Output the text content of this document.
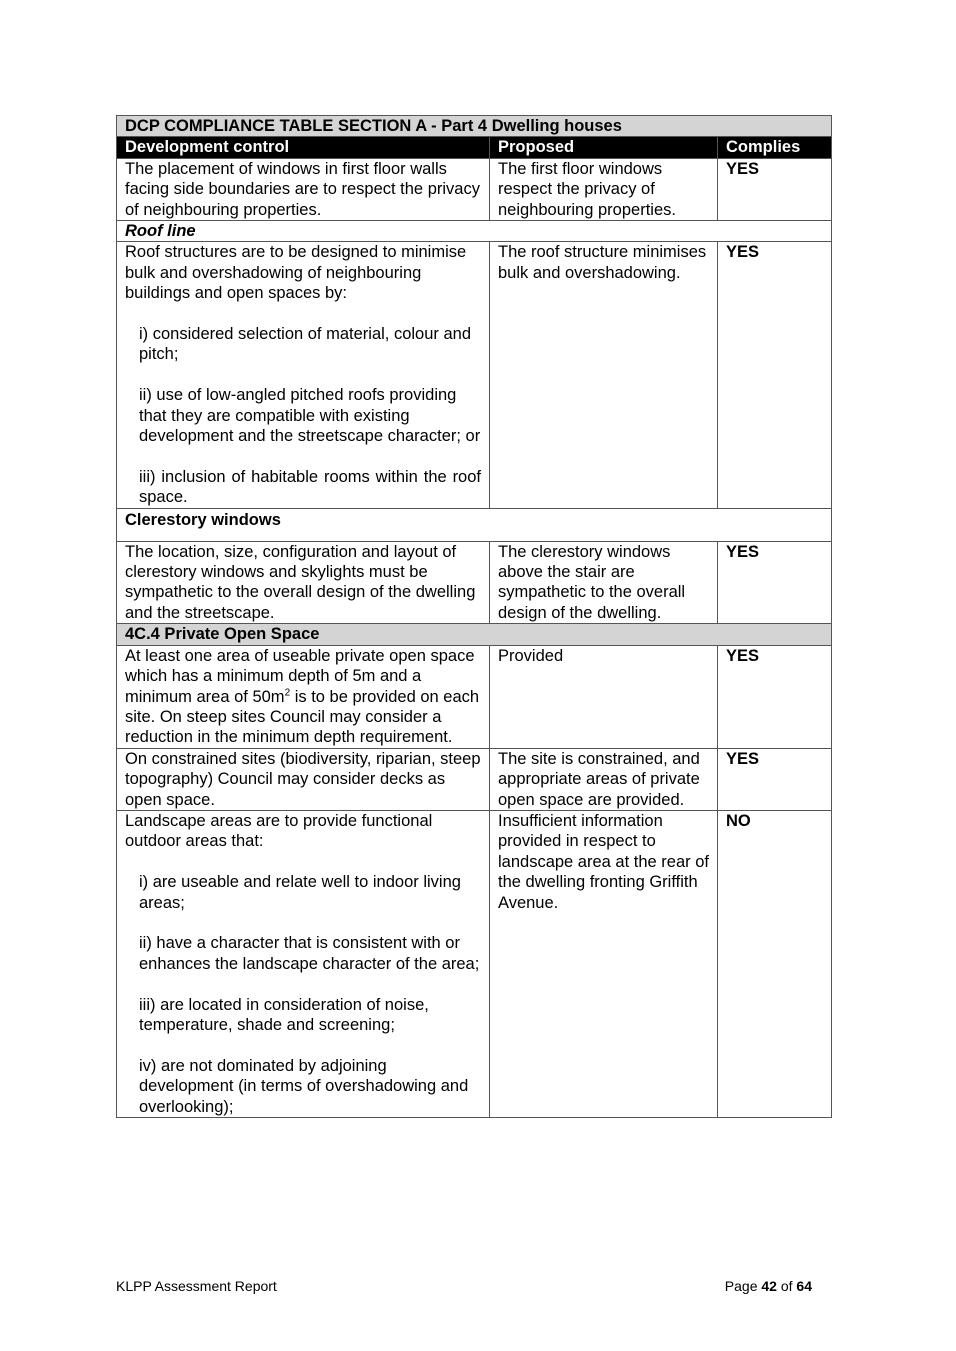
DCP COMPLIANCE TABLE SECTION A - Part 4 Dwelling houses		
Development control	Proposed	Complies
The placement of windows in first floor walls facing side boundaries are to respect the privacy of neighbouring properties.	The first floor windows respect the privacy of neighbouring properties.	YES
Roof line		

Roof structures are to be designed to minimise bulk and overshadowing of neighbouring buildings and open spaces by:

i) considered selection of material, colour and pitch;

ii) use of low-angled pitched roofs providing that they are compatible with existing development and the streetscape character; or

iii) inclusion of habitable rooms within the roof space.	The roof structure minimises bulk and overshadowing.	YES
Clerestory windows		
The location, size, configuration and layout of clerestory windows and skylights must be sympathetic to the overall design of the dwelling and the streetscape.	The clerestory windows above the stair are sympathetic to the overall design of the dwelling.	YES
4C.4 Private Open Space		
At least one area of useable private open space which has a minimum depth of 5m and a minimum area of $50m^2$ is to be provided on each site. On steep sites Council may consider a reduction in the minimum depth requirement.	Provided	YES
On constrained sites (biodiversity, riparian, steep topography) Council may consider decks as open space.	The site is constrained, and appropriate areas of private open space are provided.	YES

Landscape areas are to provide functional outdoor areas that:

i) are useable and relate well to indoor living areas;

ii) have a character that is consistent with or enhances the landscape character of the area;

iii) are located in consideration of noise, temperature, shade and screening;

iv) are not dominated by adjoining development (in terms of overshadowing and overlooking);	Insufficient information provided in respect to landscape area at the rear of the dwelling fronting Griffith Avenue.	NO
KLPP Assessment Report	Page 42 of 64
